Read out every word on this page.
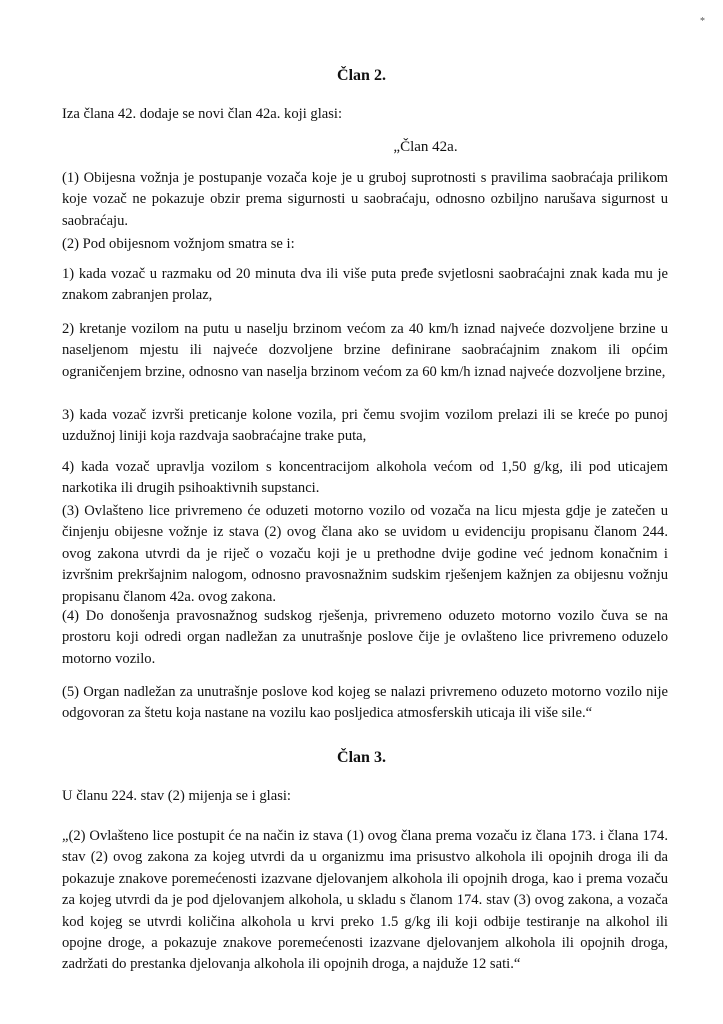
*
Član 2.

Iza člana 42. dodaje se novi član 42a. koji glasi:

„Član 42a.

(1) Obijesna vožnja je postupanje vozača koje je u gruboj suprotnosti s pravilima saobraćaja prilikom koje vozač ne pokazuje obzir prema sigurnosti u saobraćaju, odnosno ozbiljno narušava sigurnost u saobraćaju.

(2) Pod obijesnom vožnjom smatra se i:

1) kada vozač u razmaku od 20 minuta dva ili više puta pređe svjetlosni saobraćajni znak kada mu je znakom zabranjen prolaz,

2) kretanje vozilom na putu u naselju brzinom većom za 40 km/h iznad najveće dozvoljene brzine u naseljenom mjestu ili najveće dozvoljene brzine definirane saobraćajnim znakom ili općim ograničenjem brzine, odnosno van naselja brzinom većom za 60 km/h iznad najveće dozvoljene brzine,

3) kada vozač izvrši preticanje kolone vozila, pri čemu svojim vozilom prelazi ili se kreće po punoj uzdužnoj liniji koja razdvaja saobraćajne trake puta,

4) kada vozač upravlja vozilom s koncentracijom alkohola većom od 1,50 g/kg, ili pod uticajem narkotika ili drugih psihoaktivnih supstanci.

(3) Ovlašteno lice privremeno će oduzeti motorno vozilo od vozača na licu mjesta gdje je zatečen u činjenju obijesne vožnje iz stava (2) ovog člana ako se uvidom u evidenciju propisanu članom 244. ovog zakona utvrdi da je riječ o vozaču koji je u prethodne dvije godine već jednom konačnim i izvršnim prekršajnim nalogom, odnosno pravosnažnim sudskim rješenjem kažnjen za obijesnu vožnju propisanu članom 42a. ovog zakona.

(4) Do donošenja pravosnažnog sudskog rješenja, privremeno oduzeto motorno vozilo čuva se na prostoru koji odredi organ nadležan za unutrašnje poslove čije je ovlašteno lice privremeno oduzelo motorno vozilo.

(5) Organ nadležan za unutrašnje poslove kod kojeg se nalazi privremeno oduzeto motorno vozilo nije odgovoran za štetu koja nastane na vozilu kao posljedica atmosferskih uticaja ili više sile.“

Član 3.

U članu 224. stav (2) mijenja se i glasi:

„(2) Ovlašteno lice postupit će na način iz stava (1) ovog člana prema vozaču iz člana 173. i člana 174. stav (2) ovog zakona za kojeg utvrdi da u organizmu ima prisustvo alkohola ili opojnih droga ili da pokazuje znakove poremećenosti izazvane djelovanjem alkohola ili opojnih droga, kao i prema vozaču za kojeg utvrdi da je pod djelovanjem alkohola, u skladu s članom 174. stav (3) ovog zakona, a vozača kod kojeg se utvrdi količina alkohola u krvi preko 1.5 g/kg ili koji odbije testiranje na alkohol ili opojne droge, a pokazuje znakove poremećenosti izazvane djelovanjem alkohola ili opojnih droga, zadržati do prestanka djelovanja alkohola ili opojnih droga, a najduže 12 sati.“
